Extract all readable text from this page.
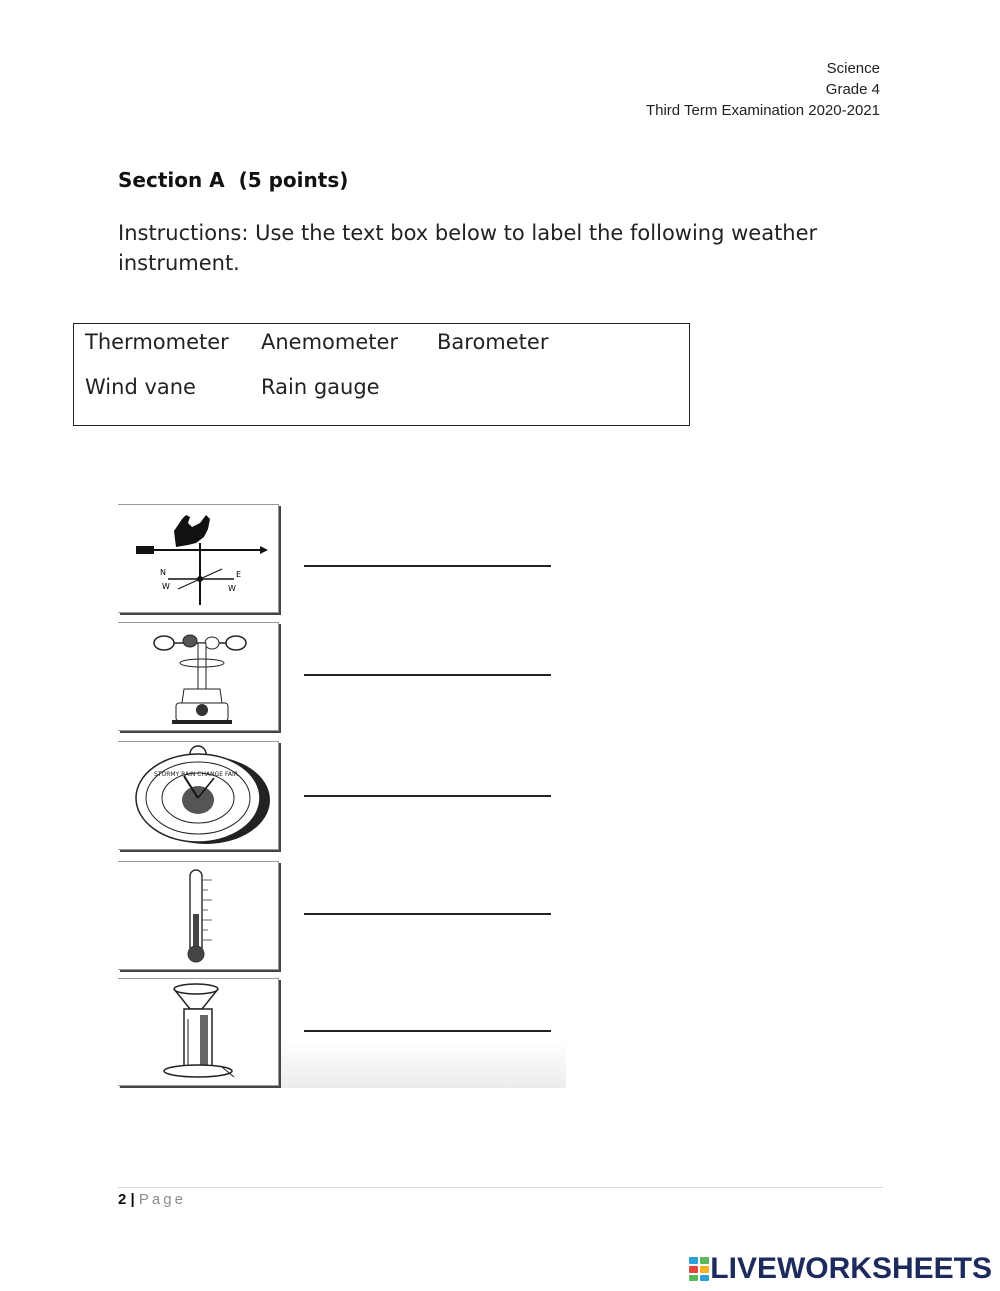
Science
Grade 4
Third Term Examination 2020-2021
Section A  (5 points)
Instructions: Use the text box below to label the following weather instrument.
Thermometer Anemometer Barometer
Wind vane	Rain gauge
N	E
W	W
STORMY RAIN CHANGE FAIR
2 | Page
LIVEWORKSHEETS
